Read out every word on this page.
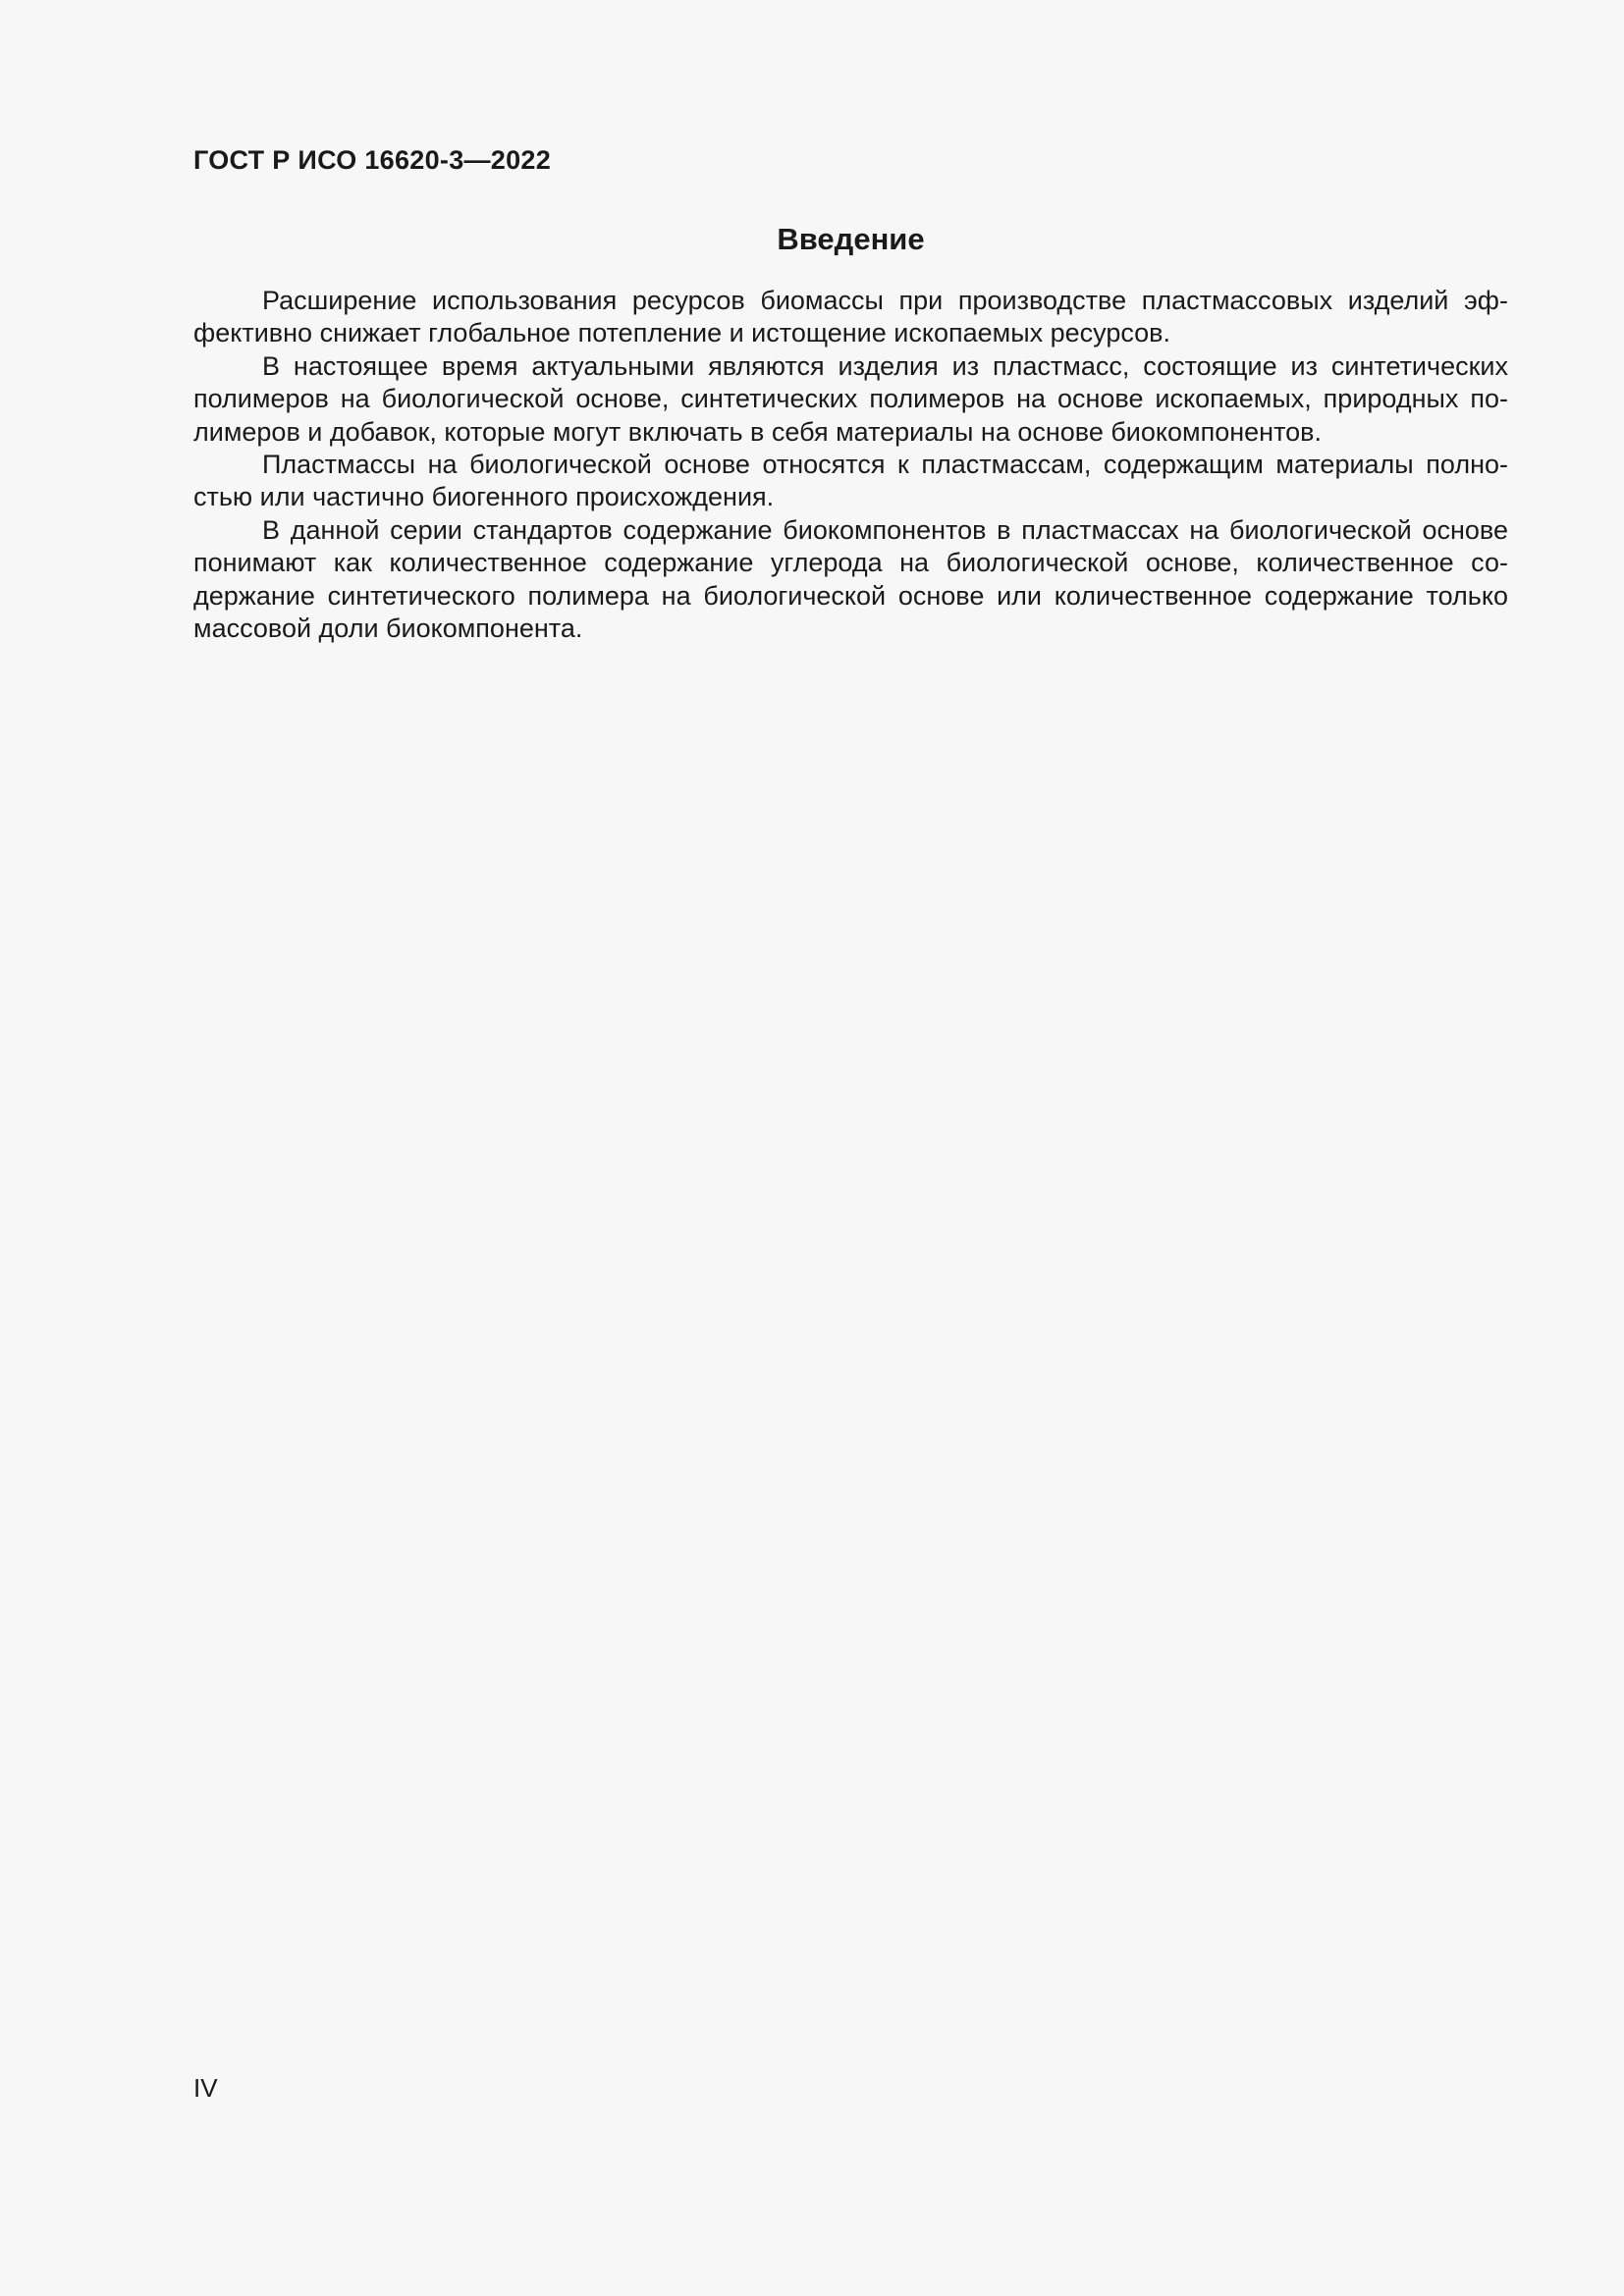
ГОСТ Р ИСО 16620-3—2022
Введение

Расширение использования ресурсов биомассы при производстве пластмассовых изделий эффективно снижает глобальное потепление и истощение ископаемых ресурсов.

В настоящее время актуальными являются изделия из пластмасс, состоящие из синтетических полимеров на биологической основе, синтетических полимеров на основе ископаемых, природных полимеров и добавок, которые могут включать в себя материалы на основе биокомпонентов.

Пластмассы на биологической основе относятся к пластмассам, содержащим материалы полностью или частично биогенного происхождения.

В данной серии стандартов содержание биокомпонентов в пластмассах на биологической основе понимают как количественное содержание углерода на биологической основе, количественное содержание синтетического полимера на биологической основе или количественное содержание только массовой доли биокомпонента.

IV
